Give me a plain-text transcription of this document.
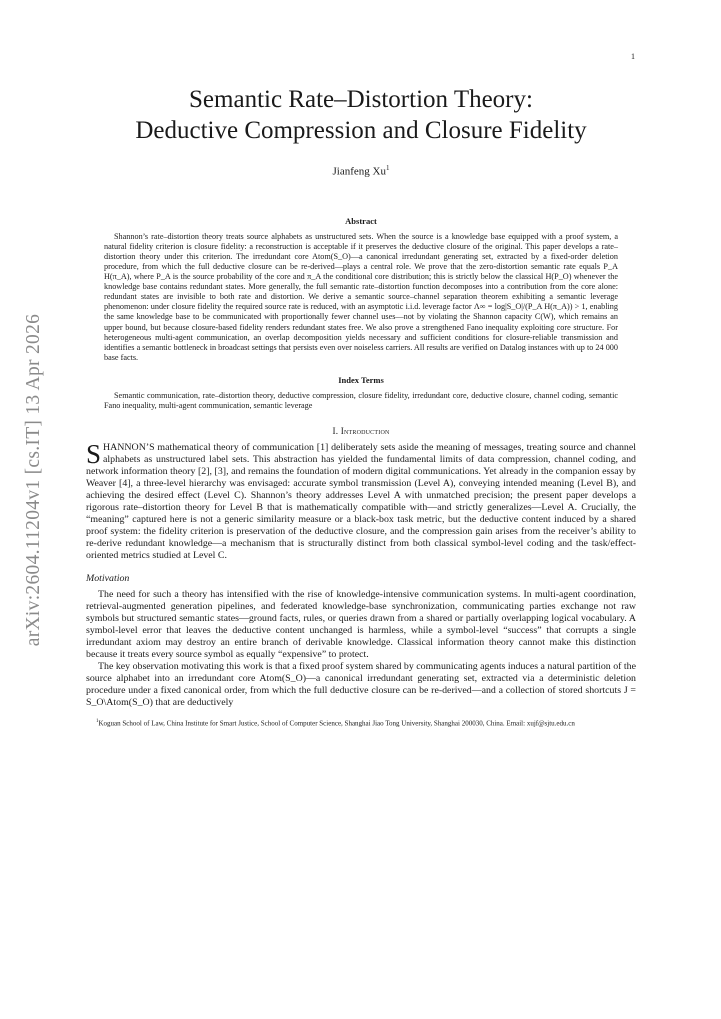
1
arXiv:2604.11204v1 [cs.IT] 13 Apr 2026
Semantic Rate–Distortion Theory:
Deductive Compression and Closure Fidelity
Jianfeng Xu$^1$
Abstract

Shannon’s rate–distortion theory treats source alphabets as unstructured sets. When the source is a knowledge base equipped with a proof system, a natural fidelity criterion is closure fidelity: a reconstruction is acceptable if it preserves the deductive closure of the original. This paper develops a rate–distortion theory under this criterion. The irredundant core Atom(S_O)—a canonical irredundant generating set, extracted by a fixed-order deletion procedure, from which the full deductive closure can be re-derived—plays a central role. We prove that the zero-distortion semantic rate equals P_A H(π_A), where P_A is the source probability of the core and π_A the conditional core distribution; this is strictly below the classical H(P_O) whenever the knowledge base contains redundant states. More generally, the full semantic rate–distortion function decomposes into a contribution from the core alone: redundant states are invisible to both rate and distortion. We derive a semantic source–channel separation theorem exhibiting a semantic leverage phenomenon: under closure fidelity the required source rate is reduced, with an asymptotic i.i.d. leverage factor Λ∞ = log|S_O|/(P_A H(π_A)) > 1, enabling the same knowledge base to be communicated with proportionally fewer channel uses—not by violating the Shannon capacity C(W), which remains an upper bound, but because closure-based fidelity renders redundant states free. We also prove a strengthened Fano inequality exploiting core structure. For heterogeneous multi-agent communication, an overlap decomposition yields necessary and sufficient conditions for closure-reliable transmission and identifies a semantic bottleneck in broadcast settings that persists even over noiseless carriers. All results are verified on Datalog instances with up to 24 000 base facts.

Index Terms

Semantic communication, rate–distortion theory, deductive compression, closure fidelity, irredundant core, deductive closure, channel coding, semantic Fano inequality, multi-agent communication, semantic leverage

I. Introduction
SHANNON’S mathematical theory of communication [1] deliberately sets aside the meaning of messages, treating source and channel alphabets as unstructured label sets. This abstraction has yielded the fundamental limits of data compression, channel coding, and network information theory [2], [3], and remains the foundation of modern digital communications. Yet already in the companion essay by Weaver [4], a three-level hierarchy was envisaged: accurate symbol transmission (Level A), conveying intended meaning (Level B), and achieving the desired effect (Level C). Shannon’s theory addresses Level A with unmatched precision; the present paper develops a rigorous rate–distortion theory for Level B that is mathematically compatible with—and strictly generalizes—Level A. Crucially, the “meaning” captured here is not a generic similarity measure or a black-box task metric, but the deductive content induced by a shared proof system: the fidelity criterion is preservation of the deductive closure, and the compression gain arises from the receiver’s ability to re-derive redundant knowledge—a mechanism that is structurally distinct from both classical symbol-level coding and the task/effect-oriented metrics studied at Level C.
Motivation

The need for such a theory has intensified with the rise of knowledge-intensive communication systems. In multi-agent coordination, retrieval-augmented generation pipelines, and federated knowledge-base synchronization, communicating parties exchange not raw symbols but structured semantic states—ground facts, rules, or queries drawn from a shared or partially overlapping logical vocabulary. A symbol-level error that leaves the deductive content unchanged is harmless, while a symbol-level “success” that corrupts a single irredundant axiom may destroy an entire branch of derivable knowledge. Classical information theory cannot make this distinction because it treats every source symbol as equally “expensive” to protect.

The key observation motivating this work is that a fixed proof system shared by communicating agents induces a natural partition of the source alphabet into an irredundant core Atom(S_O)—a canonical irredundant generating set, extracted via a deterministic deletion procedure under a fixed canonical order, from which the full deductive closure can be re-derived—and a collection of stored shortcuts J = S_O\Atom(S_O) that are deductively

$^1$Koguan School of Law, China Institute for Smart Justice, School of Computer Science, Shanghai Jiao Tong University, Shanghai 200030, China. Email: xujf@sjtu.edu.cn
